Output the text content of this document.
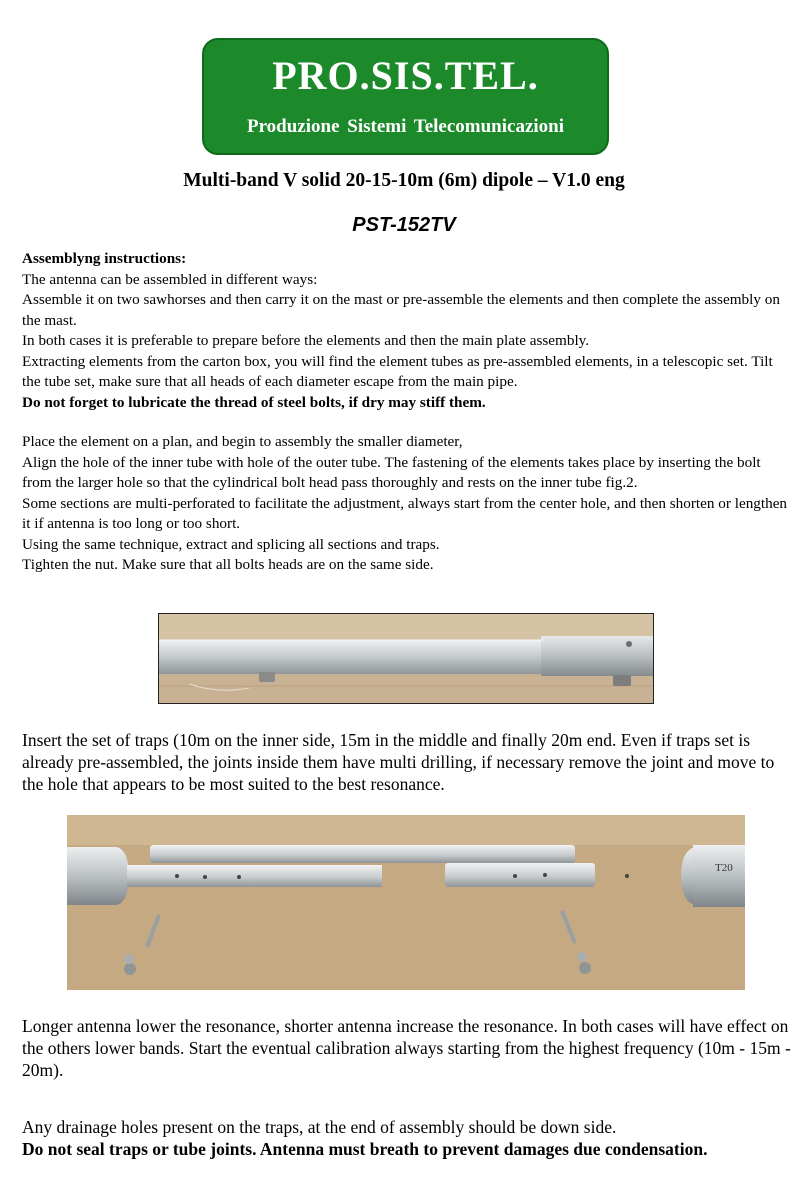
PRO.SIS.TEL.
Produzione Sistemi Telecomunicazioni
Multi-band V solid 20-15-10m (6m) dipole – V1.0 eng
PST-152TV

Assemblyng instructions:

The antenna can be assembled in different ways:

Assemble it on two sawhorses and then carry it on the mast or pre-assemble the elements and then complete the assembly on the mast.

In both cases it is preferable to prepare before the elements and then the main plate assembly.

Extracting elements from the carton box, you will find the element tubes as pre-assembled elements, in a telescopic set. Tilt the tube set, make sure that all heads of each diameter escape from the main pipe.

Do not forget to lubricate the thread of steel bolts, if dry may stiff them.

Place the element on a plan, and begin to assembly the smaller diameter,

Align the hole of the inner tube with hole of the outer tube. The fastening of the elements takes place by inserting the bolt from the larger hole so that the cylindrical bolt head pass thoroughly and rests on the inner tube fig.2.

Some sections are multi-perforated to facilitate the adjustment, always start from the center hole, and then shorten or lengthen it if antenna is too long or too short.

Using the same technique, extract and splicing all sections and traps.

Tighten the nut. Make sure that all bolts heads are on the same side.

Insert the set of traps (10m on the inner side, 15m in the middle and finally 20m end. Even if traps set is already pre-assembled, the joints inside them have multi drilling, if necessary remove the joint and move to the hole that appears to be most suited to the best resonance.

T20

Longer antenna lower the resonance, shorter antenna increase the resonance. In both cases will have effect on the others lower bands. Start the eventual calibration always starting from the highest frequency (10m - 15m - 20m).

Any drainage holes present on the traps, at the end of assembly should be down side.

Do not seal traps or tube joints. Antenna must breath to prevent damages due condensation.
